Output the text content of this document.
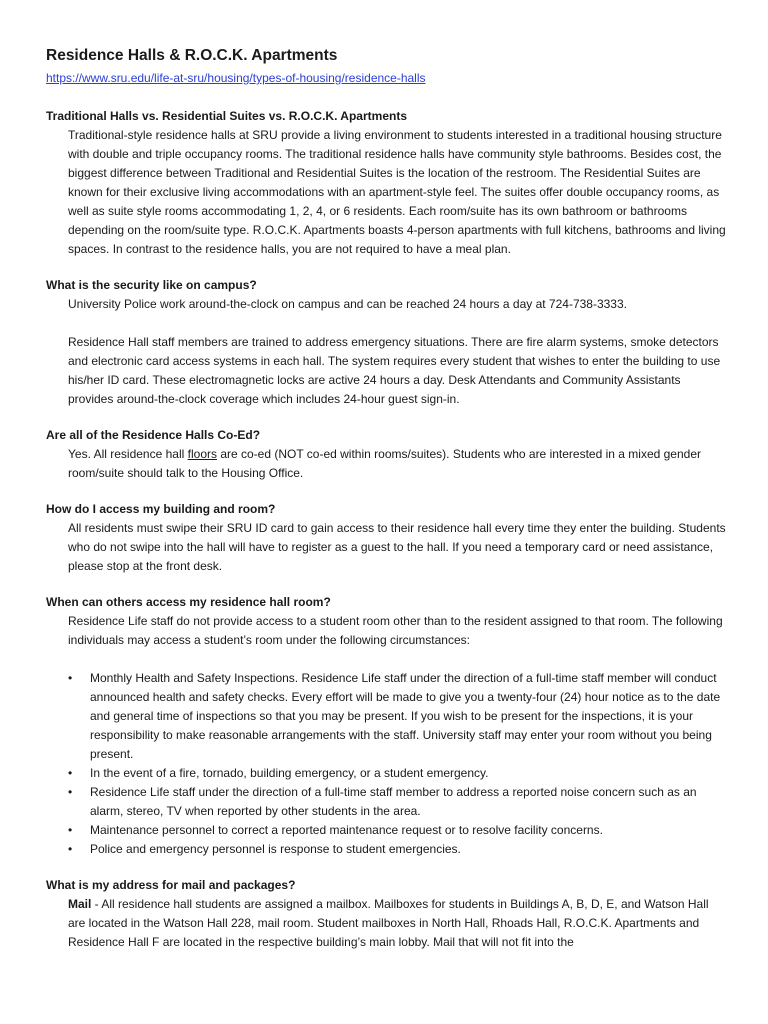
Residence Halls & R.O.C.K. Apartments
https://www.sru.edu/life-at-sru/housing/types-of-housing/residence-halls

Traditional Halls vs. Residential Suites vs. R.O.C.K. Apartments

Traditional-style residence halls at SRU provide a living environment to students interested in a traditional housing structure with double and triple occupancy rooms. The traditional residence halls have community style bathrooms. Besides cost, the biggest difference between Traditional and Residential Suites is the location of the restroom. The Residential Suites are known for their exclusive living accommodations with an apartment-style feel. The suites offer double occupancy rooms, as well as suite style rooms accommodating 1, 2, 4, or 6 residents. Each room/suite has its own bathroom or bathrooms depending on the room/suite type. R.O.C.K. Apartments boasts 4-person apartments with full kitchens, bathrooms and living spaces. In contrast to the residence halls, you are not required to have a meal plan.

What is the security like on campus?

University Police work around-the-clock on campus and can be reached 24 hours a day at 724-738-3333.

Residence Hall staff members are trained to address emergency situations. There are fire alarm systems, smoke detectors and electronic card access systems in each hall. The system requires every student that wishes to enter the building to use his/her ID card. These electromagnetic locks are active 24 hours a day. Desk Attendants and Community Assistants provides around-the-clock coverage which includes 24-hour guest sign-in.

Are all of the Residence Halls Co-Ed?

Yes. All residence hall floors are co-ed (NOT co-ed within rooms/suites). Students who are interested in a mixed gender room/suite should talk to the Housing Office.

How do I access my building and room?

All residents must swipe their SRU ID card to gain access to their residence hall every time they enter the building. Students who do not swipe into the hall will have to register as a guest to the hall. If you need a temporary card or need assistance, please stop at the front desk.

When can others access my residence hall room?

Residence Life staff do not provide access to a student room other than to the resident assigned to that room. The following individuals may access a student’s room under the following circumstances:

• Monthly Health and Safety Inspections. Residence Life staff under the direction of a full-time staff member will conduct announced health and safety checks. Every effort will be made to give you a twenty-four (24) hour notice as to the date and general time of inspections so that you may be present. If you wish to be present for the inspections, it is your responsibility to make reasonable arrangements with the staff. University staff may enter your room without you being present.
• In the event of a fire, tornado, building emergency, or a student emergency.
• Residence Life staff under the direction of a full-time staff member to address a reported noise concern such as an alarm, stereo, TV when reported by other students in the area.
• Maintenance personnel to correct a reported maintenance request or to resolve facility concerns.
• Police and emergency personnel is response to student emergencies.

What is my address for mail and packages?

Mail - All residence hall students are assigned a mailbox. Mailboxes for students in Buildings A, B, D, E, and Watson Hall are located in the Watson Hall 228, mail room. Student mailboxes in North Hall, Rhoads Hall, R.O.C.K. Apartments and Residence Hall F are located in the respective building’s main lobby. Mail that will not fit into the
